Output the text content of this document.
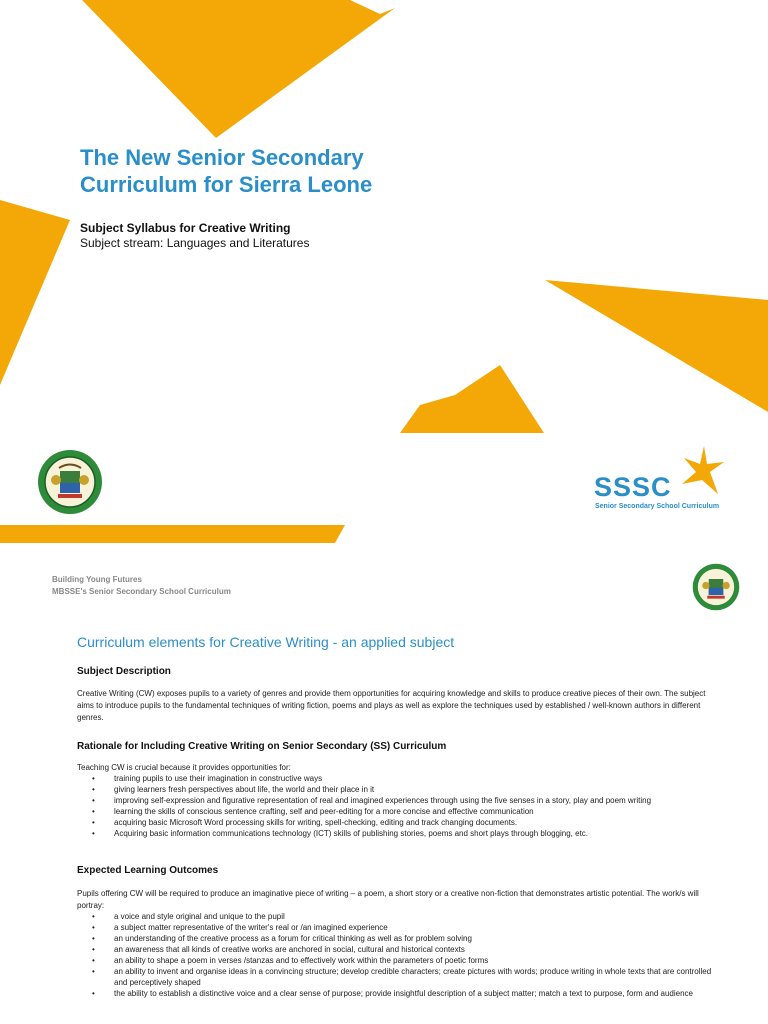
The New Senior Secondary
Curriculum for Sierra Leone
Subject Syllabus for Creative Writing
Subject stream: Languages and Literatures
SSSC
Senior Secondary School Curriculum
Building Young Futures
MBSSE's Senior Secondary School Curriculum
Curriculum elements for Creative Writing - an applied subject
Subject Description

Creative Writing (CW) exposes pupils to a variety of genres and provide them opportunities for acquiring knowledge and skills to produce creative pieces of their own. The subject aims to introduce pupils to the fundamental techniques of writing fiction, poems and plays as well as explore the techniques used by established / well-known authors in different genres.

Rationale for Including Creative Writing on Senior Secondary (SS) Curriculum

Teaching CW is crucial because it provides opportunities for:

• training pupils to use their imagination in constructive ways
• giving learners fresh perspectives about life, the world and their place in it
• improving self-expression and figurative representation of real and imagined experiences through using the five senses in a story, play and poem writing
• learning the skills of conscious sentence crafting, self and peer-editing for a more concise and effective communication
• acquiring basic Microsoft Word processing skills for writing, spell-checking, editing and track changing documents.
• Acquiring basic information communications technology (ICT) skills of publishing stories, poems and short plays through blogging, etc.
Expected Learning Outcomes

Pupils offering CW will be required to produce an imaginative piece of writing – a poem, a short story or a creative non-fiction that demonstrates artistic potential. The work/s will portray:

• a voice and style original and unique to the pupil
• a subject matter representative of the writer's real or /an imagined experience
• an understanding of the creative process as a forum for critical thinking as well as for problem solving
• an awareness that all kinds of creative works are anchored in social, cultural and historical contexts
• an ability to shape a poem in verses /stanzas and to effectively work within the parameters of poetic forms
• an ability to invent and organise ideas in a convincing structure; develop credible characters; create pictures with words; produce writing in whole texts that are controlled and perceptively shaped
• the ability to establish a distinctive voice and a clear sense of purpose; provide insightful description of a subject matter; match a text to purpose, form and audience
